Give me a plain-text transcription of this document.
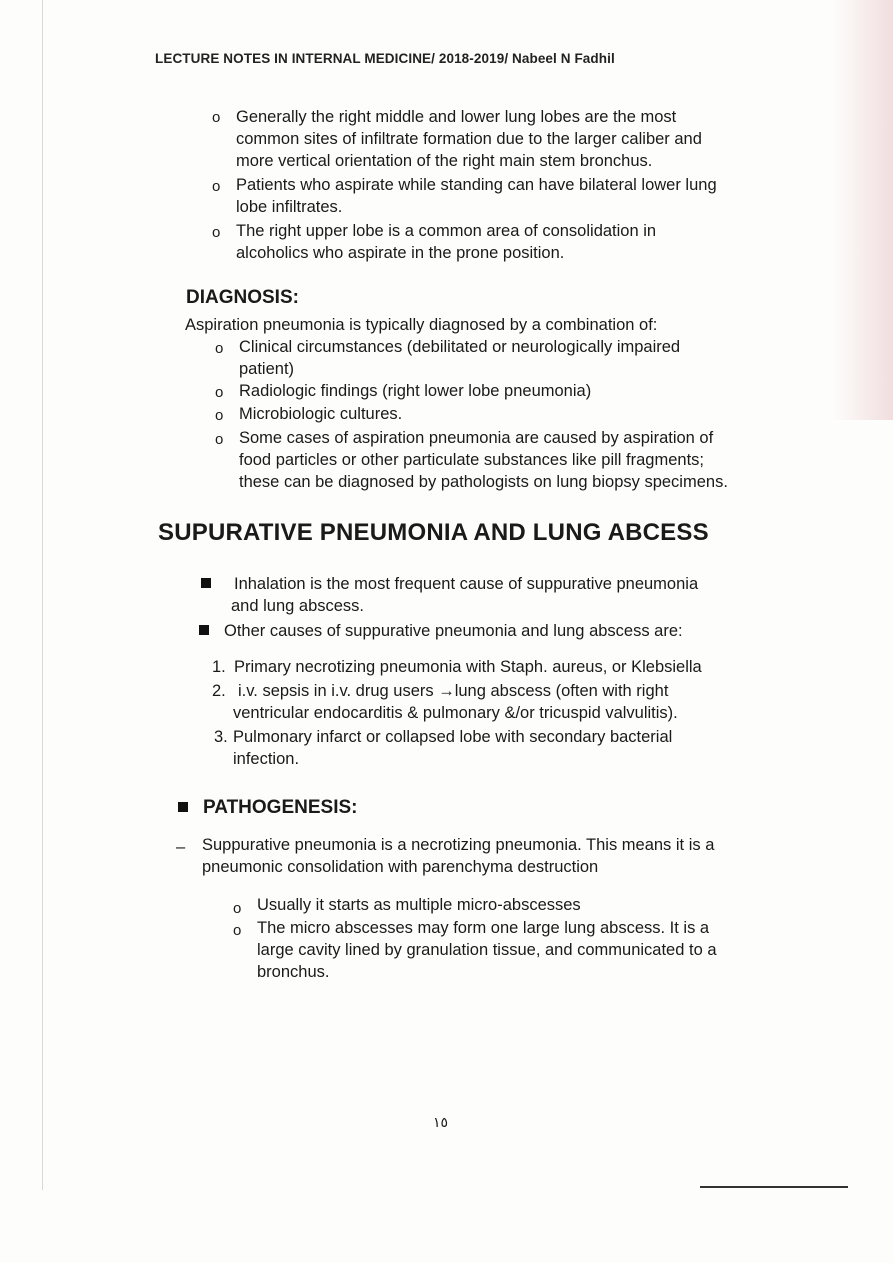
LECTURE NOTES IN INTERNAL MEDICINE/ 2018-2019/ Nabeel N Fadhil
o Generally the right middle and lower lung lobes are the most
common sites of infiltrate formation due to the larger caliber and
more vertical orientation of the right main stem bronchus.
o Patients who aspirate while standing can have bilateral lower lung
lobe infiltrates.
o The right upper lobe is a common area of consolidation in
alcoholics who aspirate in the prone position.
DIAGNOSIS:
Aspiration pneumonia is typically diagnosed by a combination of:
o Clinical circumstances (debilitated or neurologically impaired
patient)
o Radiologic findings (right lower lobe pneumonia)
o Microbiologic cultures.
o Some cases of aspiration pneumonia are caused by aspiration of
food particles or other particulate substances like pill fragments;
these can be diagnosed by pathologists on lung biopsy specimens.
SUPURATIVE PNEUMONIA AND LUNG ABCESS
Inhalation is the most frequent cause of suppurative pneumonia
and lung abscess.
Other causes of suppurative pneumonia and lung abscess are:
1. Primary necrotizing pneumonia with Staph. aureus, or Klebsiella
2. i.v. sepsis in i.v. drug users →lung abscess (often with right
ventricular endocarditis & pulmonary &/or tricuspid valvulitis).
3. Pulmonary infarct or collapsed lobe with secondary bacterial
infection.
PATHOGENESIS:
– Suppurative pneumonia is a necrotizing pneumonia. This means it is a
pneumonic consolidation with parenchyma destruction
o Usually it starts as multiple micro-abscesses
o The micro abscesses may form one large lung abscess. It is a
large cavity lined by granulation tissue, and communicated to a
bronchus.
١٥
